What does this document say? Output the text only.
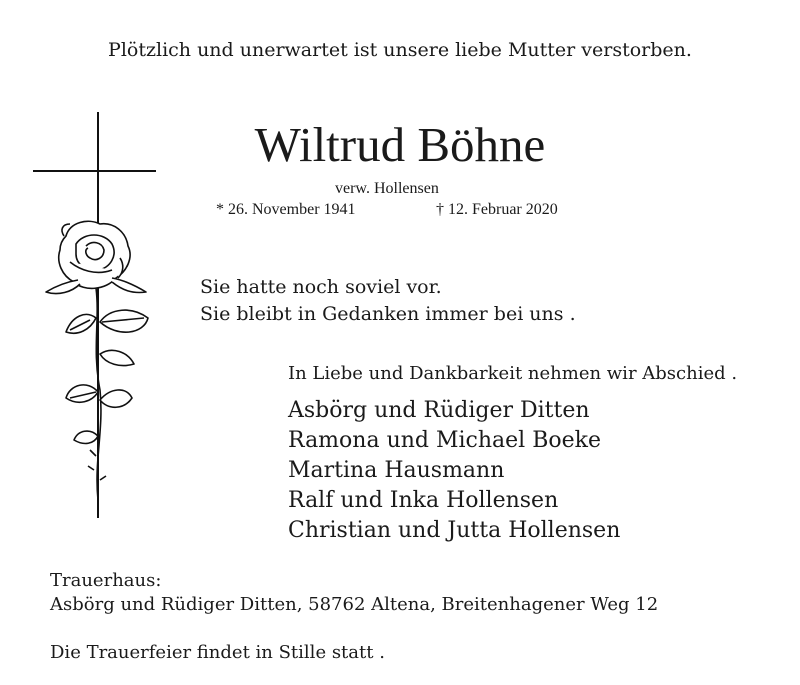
Plötzlich und unerwartet ist unsere liebe Mutter verstorben.
Wiltrud Böhne
verw. Hollensen
* 26. November 1941	† 12. Februar 2020
Sie hatte noch soviel vor.
Sie bleibt in Gedanken immer bei uns .
In Liebe und Dankbarkeit nehmen wir Abschied .
Asbörg und Rüdiger Ditten
Ramona und Michael Boeke
Martina Hausmann
Ralf und Inka Hollensen
Christian und Jutta Hollensen
Trauerhaus:
Asbörg und Rüdiger Ditten, 58762 Altena, Breitenhagener Weg 12
Die Trauerfeier findet in Stille statt .
